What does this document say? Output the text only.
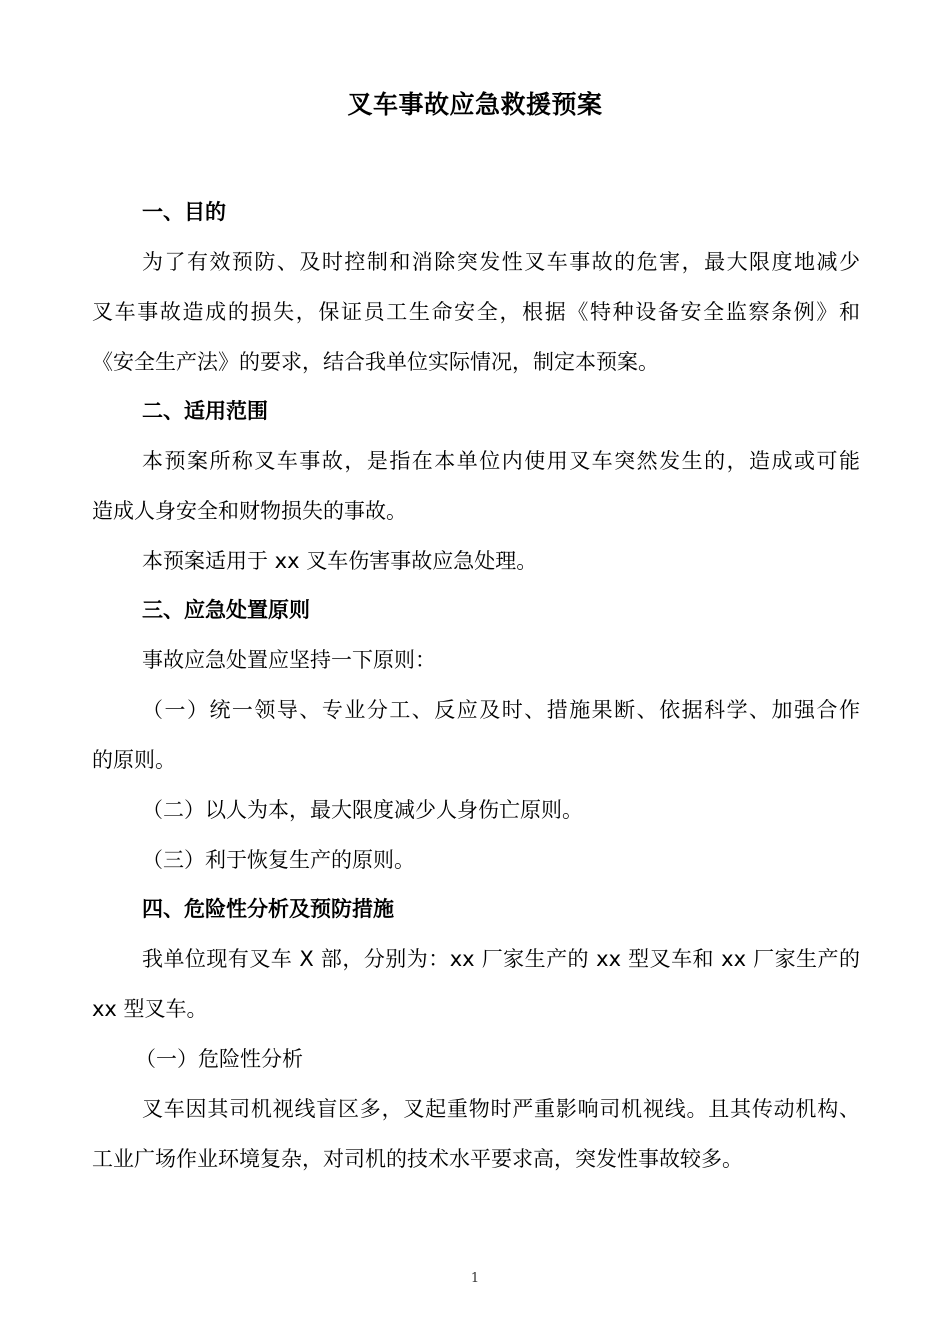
叉车事故应急救援预案
一、目的
为了有效预防、及时控制和消除突发性叉车事故的危害，最大限度地减少
叉车事故造成的损失，保证员工生命安全，根据《特种设备安全监察条例》和
《安全生产法》的要求，结合我单位实际情况，制定本预案。
二、适用范围
本预案所称叉车事故，是指在本单位内使用叉车突然发生的，造成或可能
造成人身安全和财物损失的事故。
本预案适用于 xx 叉车伤害事故应急处理。
三、应急处置原则
事故应急处置应坚持一下原则：
（一）统一领导、专业分工、反应及时、措施果断、依据科学、加强合作
的原则。
（二）以人为本，最大限度减少人身伤亡原则。
（三）利于恢复生产的原则。
四、危险性分析及预防措施
我单位现有叉车 X 部，分别为：xx 厂家生产的 xx 型叉车和 xx 厂家生产的
xx 型叉车。
（一）危险性分析
叉车因其司机视线盲区多，叉起重物时严重影响司机视线。且其传动机构、
工业广场作业环境复杂，对司机的技术水平要求高，突发性事故较多。
1
